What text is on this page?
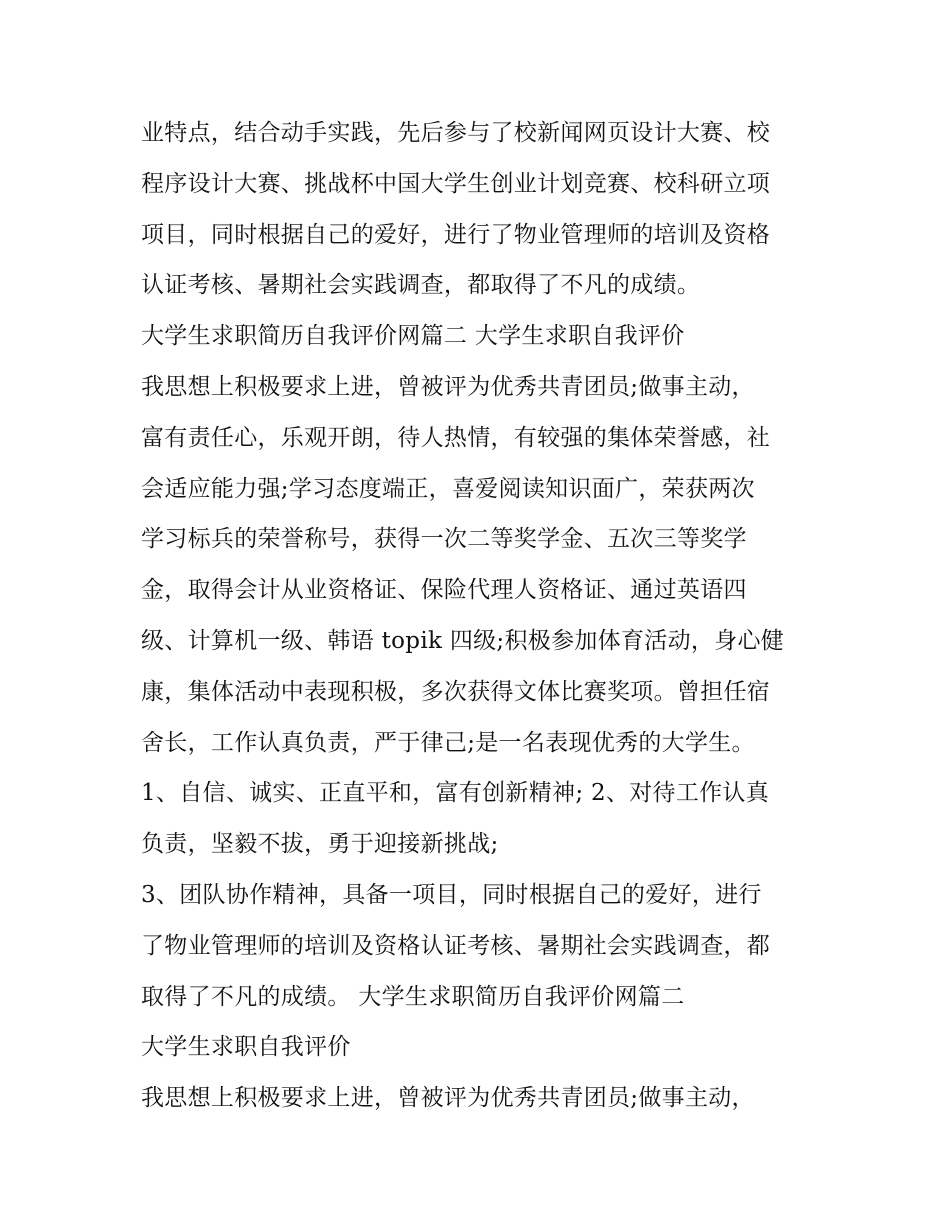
业特点，结合动手实践，先后参与了校新闻网页设计大赛、校
程序设计大赛、挑战杯中国大学生创业计划竞赛、校科研立项
项目，同时根据自己的爱好，进行了物业管理师的培训及资格
认证考核、暑期社会实践调查，都取得了不凡的成绩。
大学生求职简历自我评价网篇二 大学生求职自我评价
我思想上积极要求上进，曾被评为优秀共青团员;做事主动，
富有责任心，乐观开朗，待人热情，有较强的集体荣誉感，社
会适应能力强;学习态度端正，喜爱阅读知识面广，荣获两次
学习标兵的荣誉称号，获得一次二等奖学金、五次三等奖学
金，取得会计从业资格证、保险代理人资格证、通过英语四
级、计算机一级、韩语 topik 四级;积极参加体育活动，身心健
康，集体活动中表现积极，多次获得文体比赛奖项。曾担任宿
舍长，工作认真负责，严于律己;是一名表现优秀的大学生。
1、自信、诚实、正直平和，富有创新精神; 2、对待工作认真
负责，坚毅不拔，勇于迎接新挑战;
3、团队协作精神，具备一项目，同时根据自己的爱好，进行
了物业管理师的培训及资格认证考核、暑期社会实践调查，都
取得了不凡的成绩。 大学生求职简历自我评价网篇二
大学生求职自我评价
我思想上积极要求上进，曾被评为优秀共青团员;做事主动，
